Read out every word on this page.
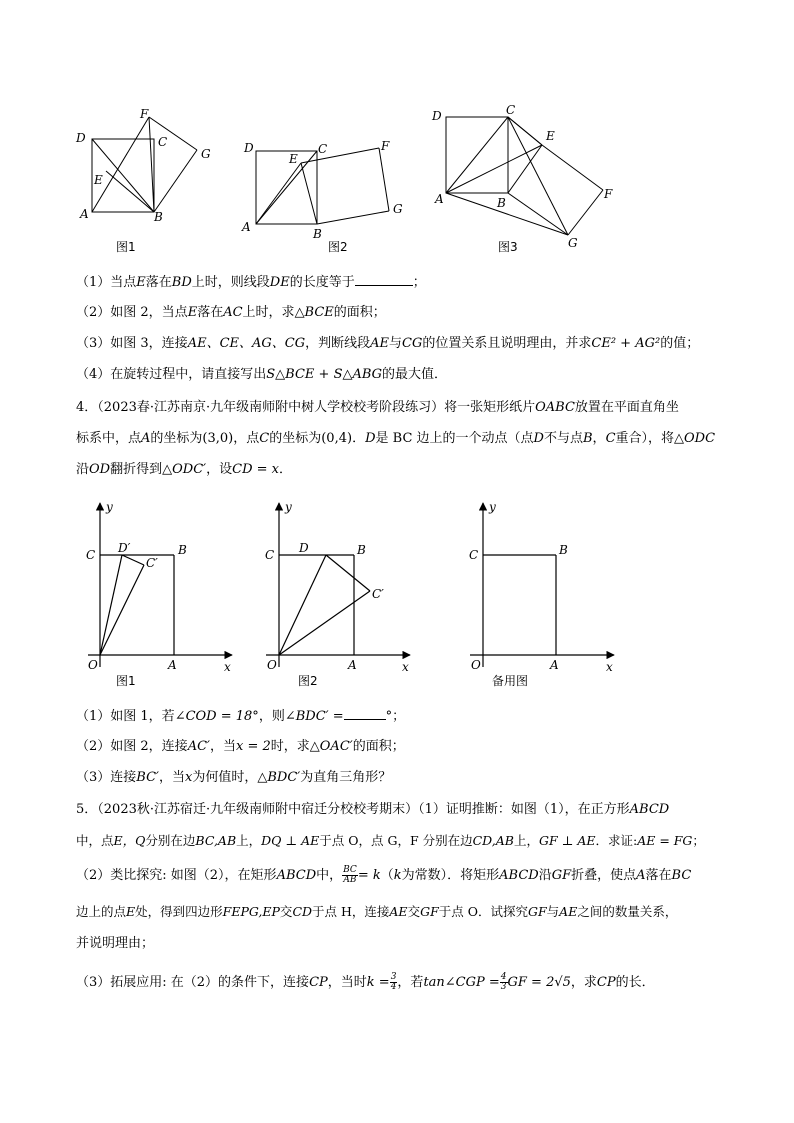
D
F
C
G
E
A	B
图1
D
E
C	F
G
A	B
图2
D	C
E
F
A	B
G
图3
（1）当点E落在BD上时，则线段DE的长度等于	；
（2）如图 2，当点E落在AC上时，求△BCE的面积；
（3）如图 3，连接AE、CE、AG、CG，判断线段AE与CG的位置关系且说明理由，并求CE² + AG²的值；
（4）在旋转过程中，请直接写出S△BCE + S△ABG的最大值．
4．（2023春·江苏南京·九年级南师附中树人学校校考阶段练习）将一张矩形纸片OABC放置在平面直角坐
标系中，点A的坐标为(3,0)，点C的坐标为(0,4)．D是 BC 边上的一个动点（点D不与点B，C重合），将△ODC
沿OD翻折得到△ODC′，设CD = x．
y
C D′	B
C′
O	A	x
图1
y
C D	B
C′
O	A	x
图2
y
C	B
O	A	x
备用图
（1）如图 1，若∠COD = 18°，则∠BDC′ =	°；
（2）如图 2，连接AC′，当x = 2时，求△OAC′的面积；
（3）连接BC′，当x为何值时，△BDC′为直角三角形？
5．（2023秋·江苏宿迁·九年级南师附中宿迁分校校考期末）（1）证明推断：如图（1），在正方形ABCD
中，点E，Q分别在边BC,AB上，DQ ⊥ AE于点 O，点 G，F 分别在边CD,AB上，GF ⊥ AE．求证:AE = FG；
（2）类比探究: 如图（2），在矩形ABCD中， $\frac{BC}{AB} = k(k$为常数）．将矩形ABCD沿GF折叠，使点A落在BC
边上的点E处，得到四边形FEPG,EP交CD于点 H，连接AE交GF于点 O．试探究GF与AE之间的数量关系，
并说明理由；
（3）拓展应用: 在（2）的条件下，连接CP，当时$k = \frac{3}{4}$ ，若tan∠CGP = $\frac{4}{3}$ GF = 2√5，求CP的长．
